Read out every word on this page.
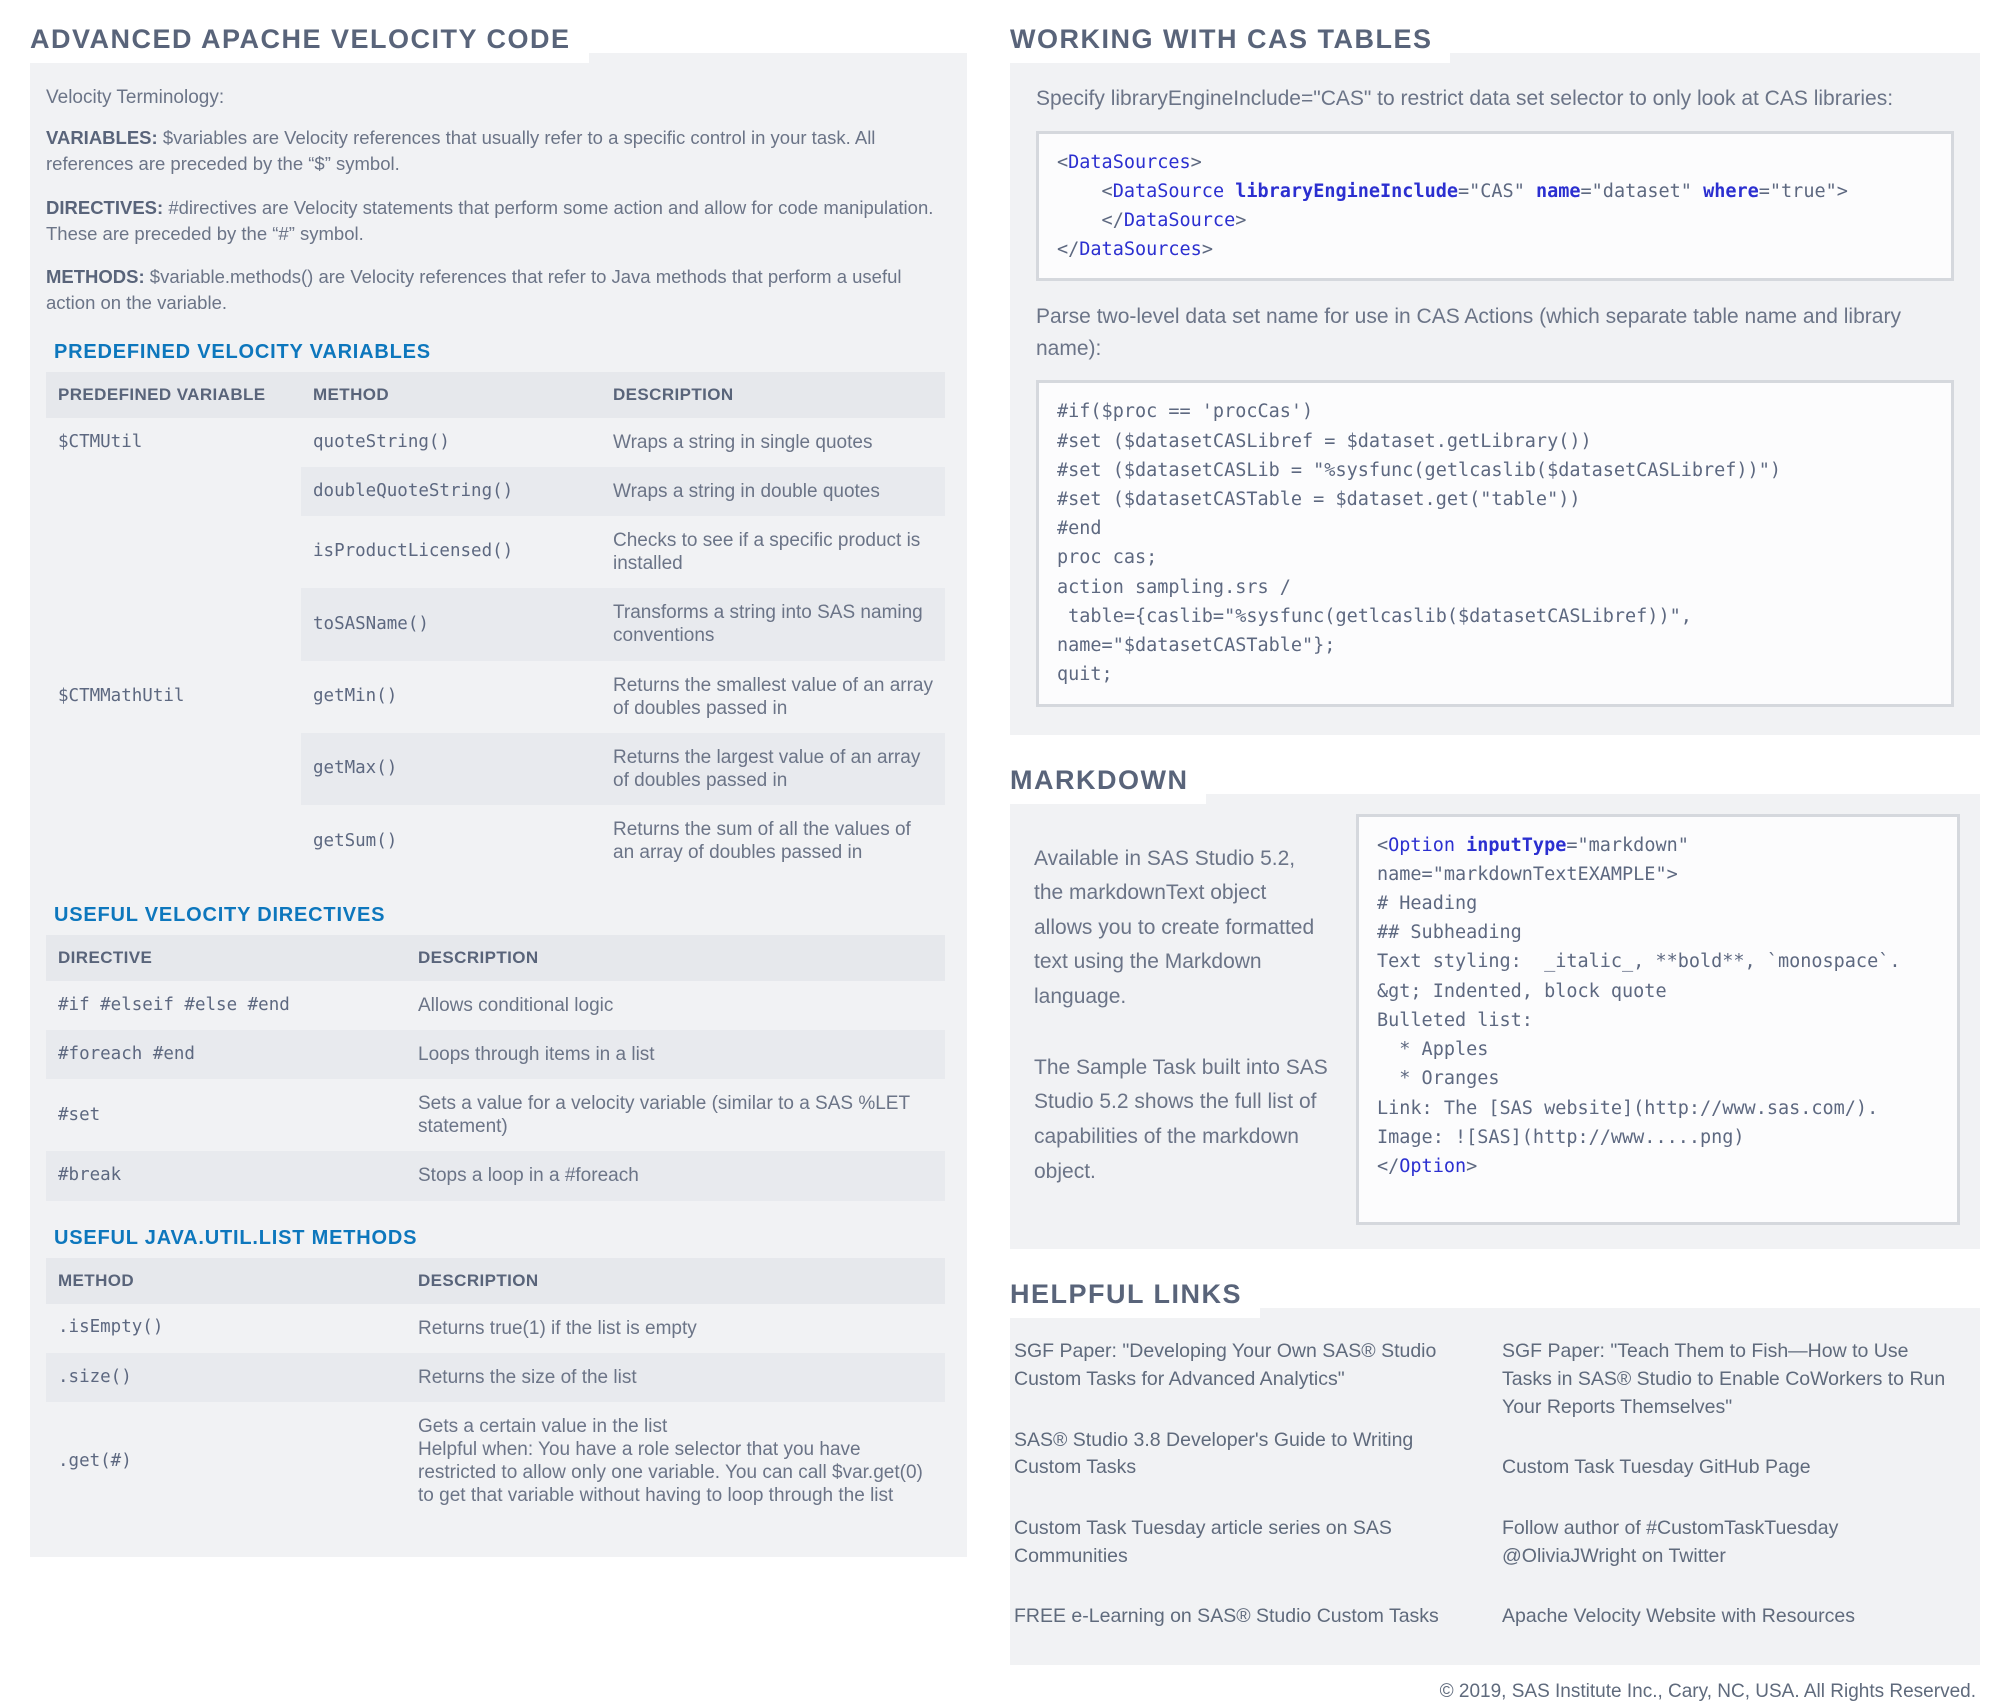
ADVANCED APACHE VELOCITY CODE

Velocity Terminology:

VARIABLES: $variables are Velocity references that usually refer to a specific control in your task. All references are preceded by the “$” symbol.

DIRECTIVES: #directives are Velocity statements that perform some action and allow for code manipulation. These are preceded by the “#” symbol.

METHODS: $variable.methods() are Velocity references that refer to Java methods that perform a useful action on the variable.

PREDEFINED VELOCITY VARIABLES
PREDEFINED VARIABLE	METHOD	DESCRIPTION
$CTMUtil	quoteString()	Wraps a string in single quotes
	doubleQuoteString()	Wraps a string in double quotes
	isProductLicensed()	Checks to see if a specific product is installed
	toSASName()	Transforms a string into SAS naming conventions
$CTMMathUtil	getMin()	Returns the smallest value of an array of doubles passed in
	getMax()	Returns the largest value of an array of doubles passed in
	getSum()	Returns the sum of all the values of an array of doubles passed in
USEFUL VELOCITY DIRECTIVES
DIRECTIVE	DESCRIPTION
#if #elseif #else #end	Allows conditional logic
#foreach #end	Loops through items in a list
#set	Sets a value for a velocity variable (similar to a SAS %LET statement)
#break	Stops a loop in a #foreach
USEFUL JAVA.UTIL.LIST METHODS
METHOD	DESCRIPTION
.isEmpty()	Returns true(1) if the list is empty
.size()	Returns the size of the list
.get(#)	Gets a certain value in the list

Helpful when: You have a role selector that you have restricted to allow only one variable. You can call $var.get(0) to get that variable without having to loop through the list

WORKING WITH CAS TABLES

Specify libraryEngineInclude="CAS" to restrict data set selector to only look at CAS libraries:

<DataSources>
<DataSource libraryEngineInclude="CAS" name="dataset" where="true">
</DataSource>
</DataSources>

Parse two-level data set name for use in CAS Actions (which separate table name and library name):

#if($proc == 'procCas')
#set ($datasetCASLibref = $dataset.getLibrary())
#set ($datasetCASLib = "%sysfunc(getlcaslib($datasetCASLibref))")
#set ($datasetCASTable = $dataset.get("table"))
#end
proc cas;
action sampling.srs /
table={caslib="%sysfunc(getlcaslib($datasetCASLibref))",
name="$datasetCASTable"};
quit;
MARKDOWN

Available in SAS Studio 5.2, the markdownText object allows you to create formatted text using the Markdown language.

The Sample Task built into SAS Studio 5.2 shows the full list of capabilities of the markdown object.

<Option inputType="markdown"
name="markdownTextEXAMPLE">
# Heading
## Subheading
Text styling:  _italic_, **bold**, `monospace`.
&gt; Indented, block quote
Bulleted list:
* Apples
* Oranges
Link: The [SAS website](http://www.sas.com/).
Image: ![SAS](http://www.....png)
</Option>
HELPFUL LINKS
SGF Paper: "Developing Your Own SAS® Studio Custom Tasks for Advanced Analytics"
SAS® Studio 3.8 Developer's Guide to Writing Custom Tasks
Custom Task Tuesday article series on SAS Communities
FREE e-Learning on SAS® Studio Custom Tasks
SGF Paper: "Teach Them to Fish—How to Use Tasks in SAS® Studio to Enable CoWorkers to Run Your Reports Themselves"
Custom Task Tuesday GitHub Page
Follow author of #CustomTaskTuesday @OliviaJWright on Twitter
Apache Velocity Website with Resources
© 2019, SAS Institute Inc., Cary, NC, USA. All Rights Reserved.
